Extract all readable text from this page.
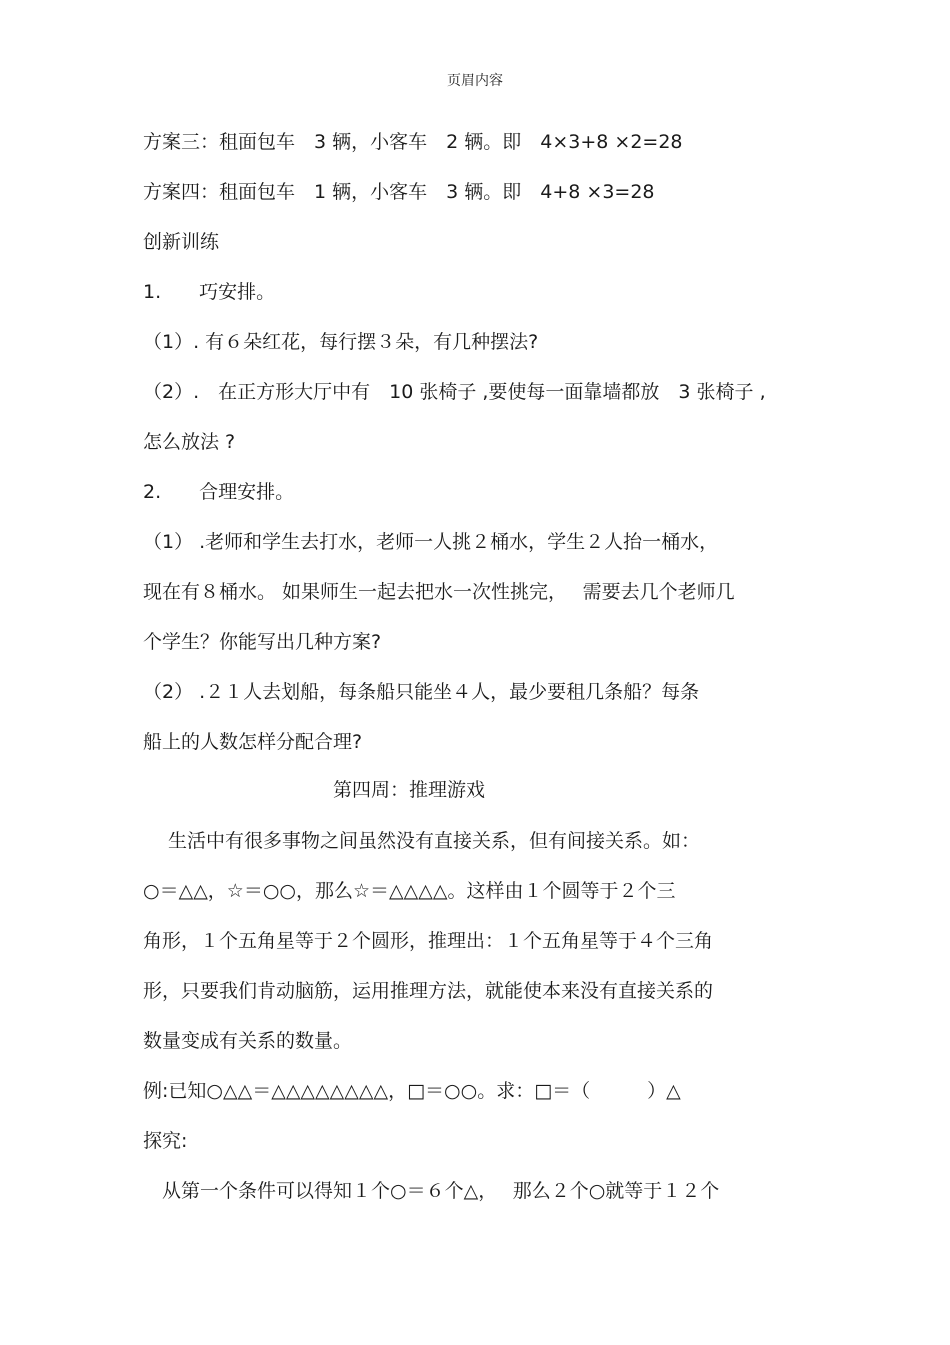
页眉内容
方案三：租面包车　3 辆，小客车　2 辆。即　4×3+8 ×2=28
方案四：租面包车　1 辆，小客车　3 辆。即　4+8 ×3=28
创新训练
1.　　巧安排。
（1）. 有６朵红花，每行摆３朵，有几种摆法?
（2）.　在正方形大厅中有　10 张椅子 ,要使每一面靠墙都放　3 张椅子 ,
怎么放法 ?
2.　　合理安排。
（1） .老师和学生去打水，老师一人挑２桶水，学生２人抬一桶水，
现在有８桶水。 如果师生一起去把水一次性挑完，　 需要去几个老师几
个学生？你能写出几种方案?
（2） .２１人去划船，每条船只能坐４人，最少要租几条船？每条
船上的人数怎样分配合理?
第四周：推理游戏
　 生活中有很多事物之间虽然没有直接关系，但有间接关系。如：
○＝△△，☆＝○○，那么☆＝△△△△。这样由１个圆等于２个三
角形，１个五角星等于２个圆形，推理出：１个五角星等于４个三角
形，只要我们肯动脑筋，运用推理方法，就能使本来没有直接关系的
数量变成有关系的数量。
例:已知○△△＝△△△△△△△△，□＝○○。求：□＝（　　　）△
探究:
　从第一个条件可以得知１个○＝６个△，　 那么２个○就等于１２个
